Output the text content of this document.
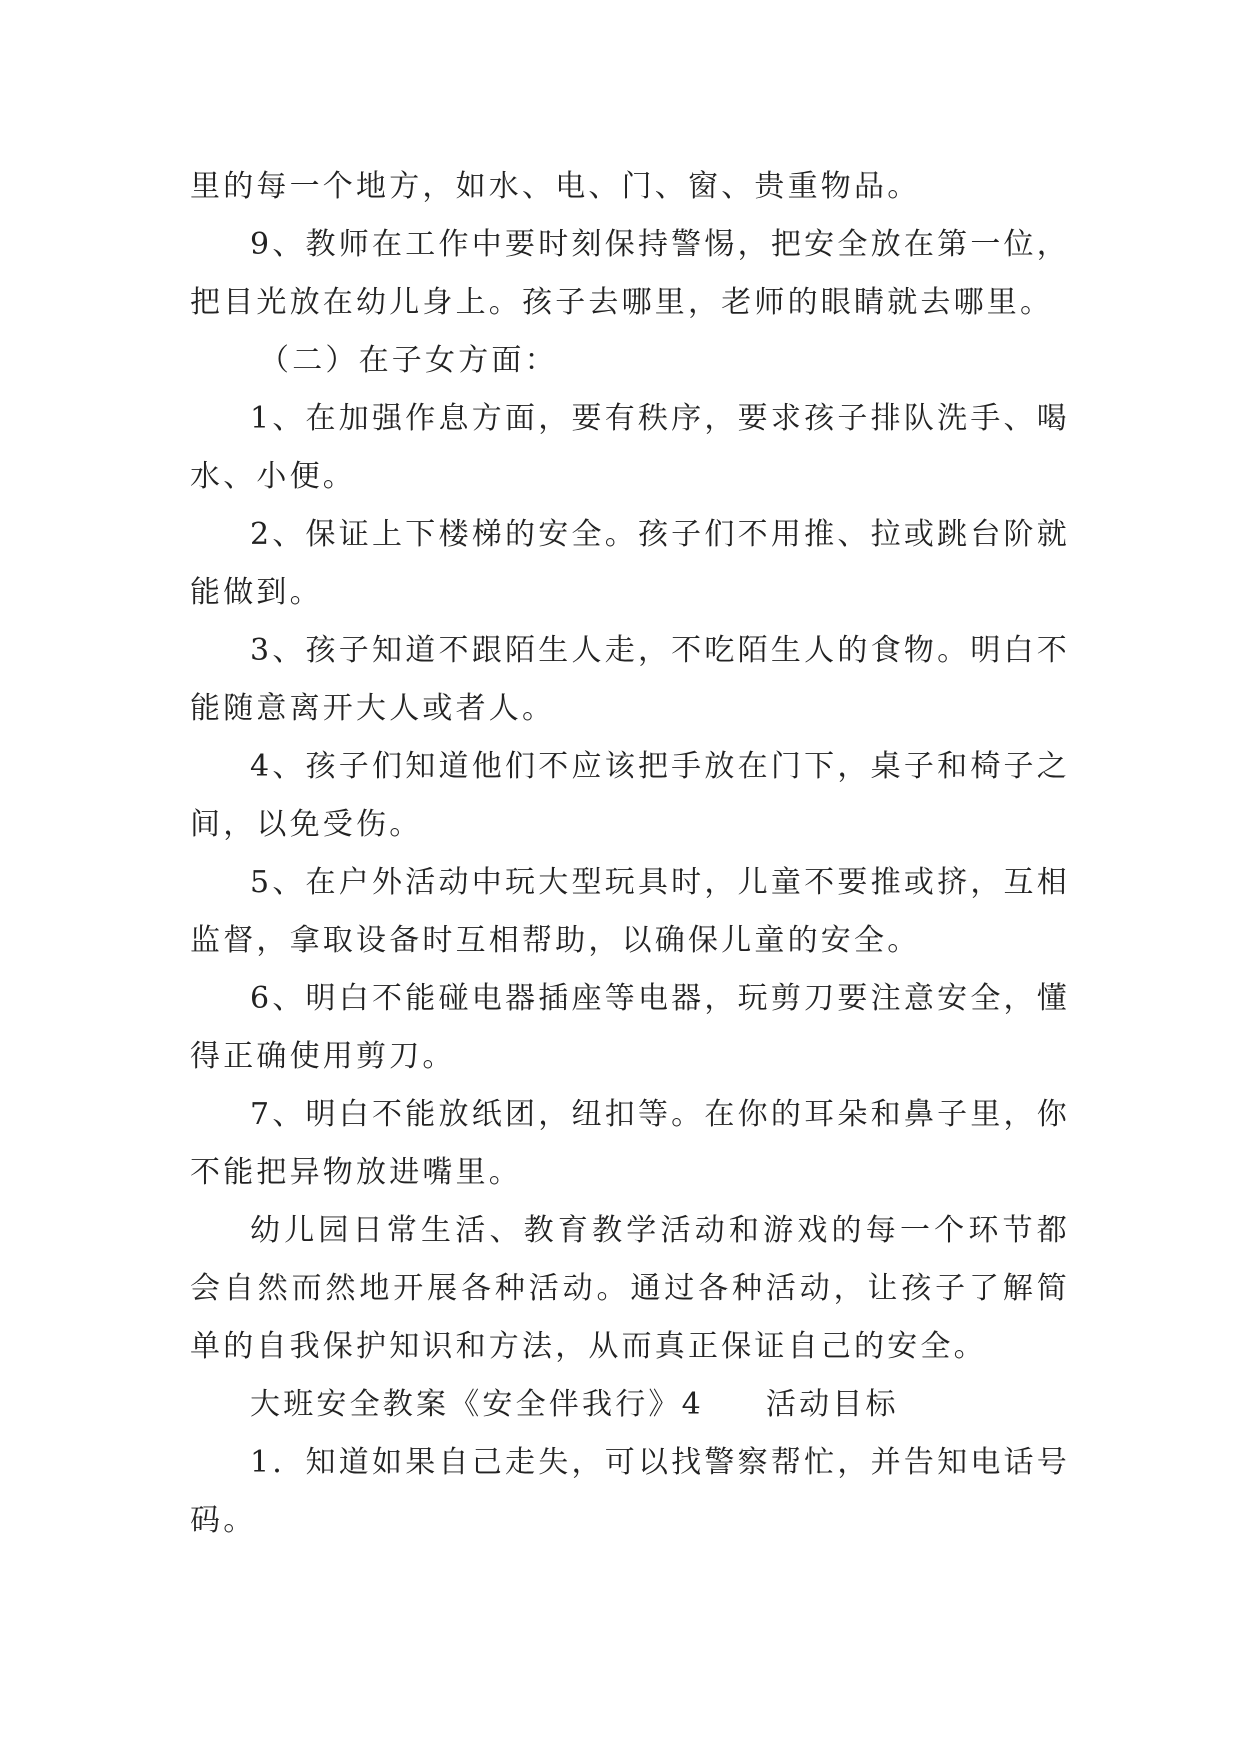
里的每一个地方，如水、电、门、窗、贵重物品。

9、教师在工作中要时刻保持警惕，把安全放在第一位，把目光放在幼儿身上。孩子去哪里，老师的眼睛就去哪里。

（二）在子女方面：

1、在加强作息方面，要有秩序，要求孩子排队洗手、喝水、小便。

2、保证上下楼梯的安全。孩子们不用推、拉或跳台阶就能做到。

3、孩子知道不跟陌生人走，不吃陌生人的食物。明白不能随意离开大人或者人。

4、孩子们知道他们不应该把手放在门下，桌子和椅子之间，以免受伤。

5、在户外活动中玩大型玩具时，儿童不要推或挤，互相监督，拿取设备时互相帮助，以确保儿童的安全。

6、明白不能碰电器插座等电器，玩剪刀要注意安全，懂得正确使用剪刀。

7、明白不能放纸团，纽扣等。在你的耳朵和鼻子里，你不能把异物放进嘴里。

幼儿园日常生活、教育教学活动和游戏的每一个环节都会自然而然地开展各种活动。通过各种活动，让孩子了解简单的自我保护知识和方法，从而真正保证自己的安全。

大班安全教案《安全伴我行》4 活动目标

1．知道如果自己走失，可以找警察帮忙，并告知电话号码。
